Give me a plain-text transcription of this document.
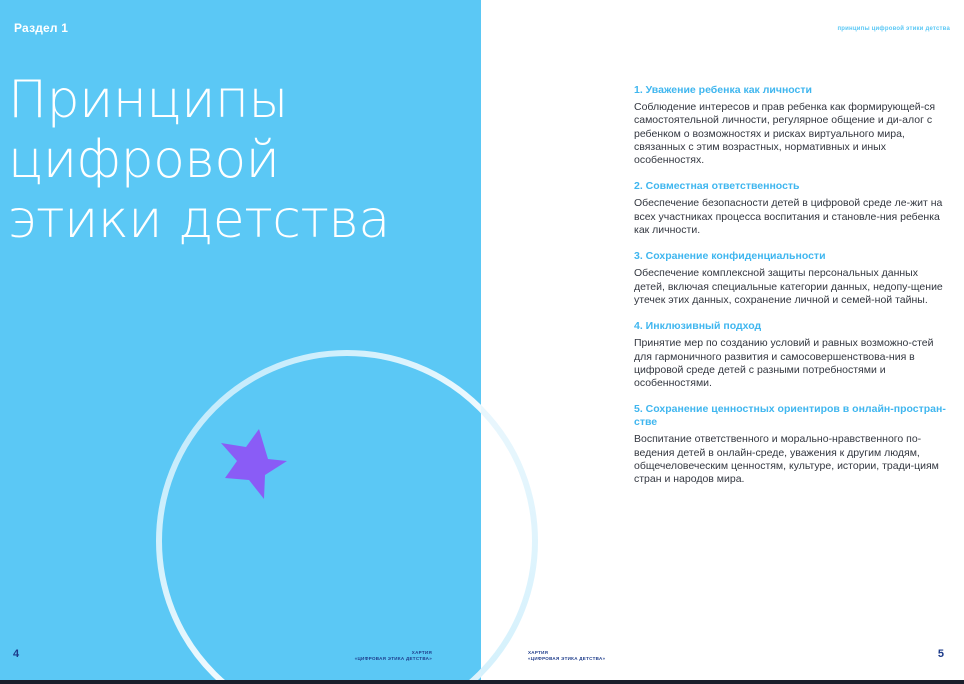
Раздел 1
Принципы
цифровой
этики детства
4	ХАРТИЯ
«ЦИФРОВАЯ ЭТИКА ДЕТСТВА»
принципы цифровой этики детства
1. Уважение ребенка как личности
Соблюдение интересов и прав ребенка как формирующей-ся самостоятельной личности, регулярное общение и ди-алог с ребенком о возможностях и рисках виртуального мира, связанных с этим возрастных, нормативных и иных особенностях.
2. Совместная ответственность
Обеспечение безопасности детей в цифровой среде ле-жит на всех участниках процесса воспитания и становле-ния ребенка как личности.
3. Сохранение конфиденциальности
Обеспечение комплексной защиты персональных данных детей, включая специальные категории данных, недопу-щение утечек этих данных, сохранение личной и семей-ной тайны.
4. Инклюзивный подход
Принятие мер по созданию условий и равных возможно-стей для гармоничного развития и самосовершенствова-ния в цифровой среде детей с разными потребностями и особенностями.
5. Сохранение ценностных ориентиров в онлайн-простран-стве
Воспитание ответственного и морально-нравственного по-ведения детей в онлайн-среде, уважения к другим людям, общечеловеческим ценностям, культуре, истории, тради-циям стран и народов мира.
ХАРТИЯ
«ЦИФРОВАЯ ЭТИКА ДЕТСТВА»	5
